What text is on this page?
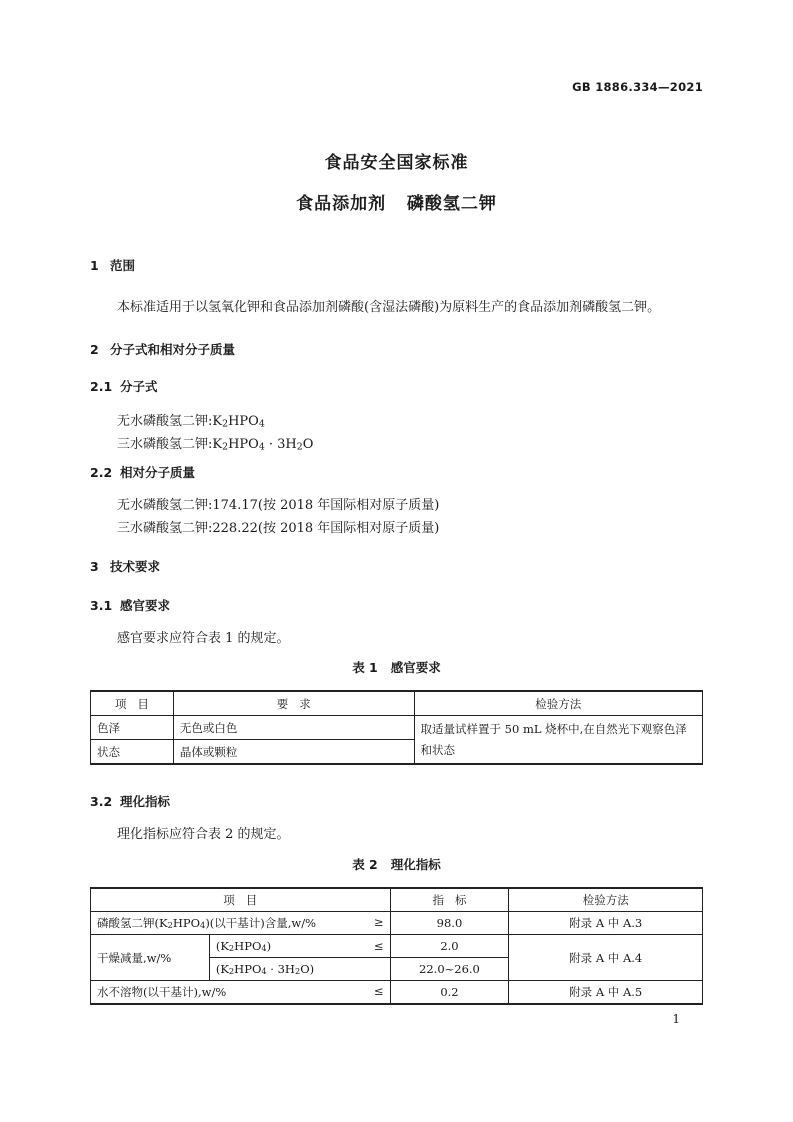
GB 1886.334—2021
食品安全国家标准
食品添加剂   磷酸氢二钾
1 范围
本标准适用于以氢氧化钾和食品添加剂磷酸(含湿法磷酸)为原料生产的食品添加剂磷酸氢二钾。
2 分子式和相对分子质量
2.1 分子式
无水磷酸氢二钾$:K_2HPO_4$
三水磷酸氢二钾$:K_2HPO_4 \cdot 3H_2O$
2.2 相对分子质量
无水磷酸氢二钾:174.17(按 2018 年国际相对原子质量)
三水磷酸氢二钾:228.22(按 2018 年国际相对原子质量)
3 技术要求
3.1 感官要求
感官要求应符合表 1 的规定。
表 1   感官要求
项   目	要   求	检验方法
色泽	无色或白色	取适量试样置于 50 mL 烧杯中,在自然光下观察色泽和状态
状态	晶体或颗粒	
3.2 理化指标
理化指标应符合表 2 的规定。
表 2   理化指标
项   目		指   标	检验方法
磷酸氢二钾$(K_2HPO_4)$(以干基计)含量,w/% ≥		98.0	附录 A 中 A.3
干燥减量,w/%	$(K_2HPO_4)$ ≤	2.0	附录 A 中 A.4
	$(K_2HPO_4 \cdot 3H_2O)$	22.0~26.0	
水不溶物(以干基计),w/% ≤		0.2	附录 A 中 A.5
1
